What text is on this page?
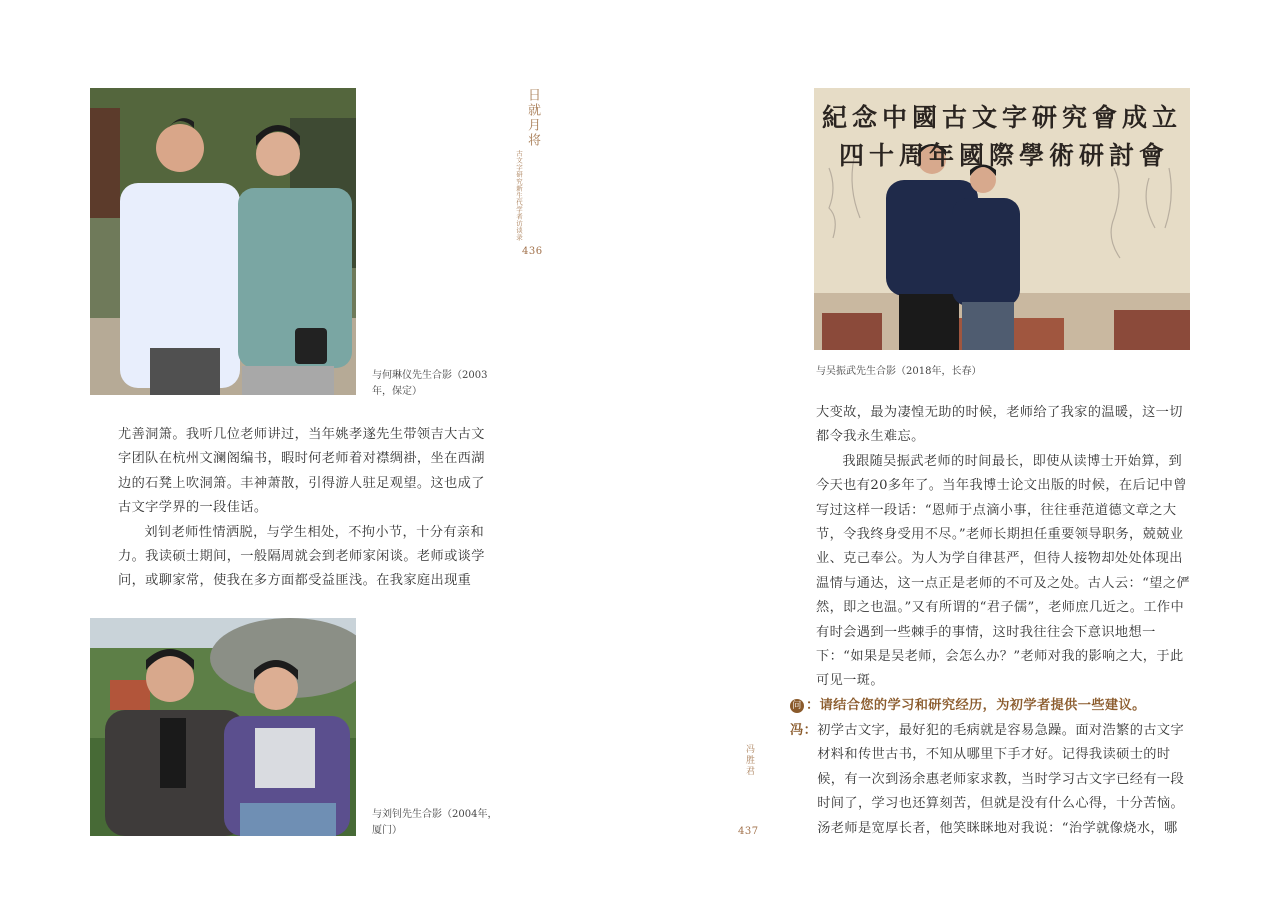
与何琳仪先生合影（2003年，保定）

尤善洞箫。我听几位老师讲过，当年姚孝遂先生带领吉大古文字团队在杭州文澜阁编书，暇时何老师着对襟绸褂，坐在西湖边的石凳上吹洞箫。丰神萧散，引得游人驻足观望。这也成了古文字学界的一段佳话。

刘钊老师性情洒脱，与学生相处，不拘小节，十分有亲和力。我读硕士期间，一般隔周就会到老师家闲谈。老师或谈学问，或聊家常，使我在多方面都受益匪浅。在我家庭出现重

与刘钊先生合影（2004年，厦门）
日就月将
古文字研究新生代学者访谈录
436
紀念中國古文字研究會成立
四十周年國際學術研討會
与吴振武先生合影（2018年，长春）

大变故，最为凄惶无助的时候，老师给了我家的温暖，这一切都令我永生难忘。

我跟随吴振武老师的时间最长，即使从读博士开始算，到今天也有20多年了。当年我博士论文出版的时候，在后记中曾写过这样一段话：“恩师于点滴小事，往往垂范道德文章之大节，令我终身受用不尽。”老师长期担任重要领导职务，兢兢业业、克己奉公。为人为学自律甚严，但待人接物却处处体现出温情与通达，这一点正是老师的不可及之处。古人云：“望之俨然，即之也温。”又有所谓的“君子儒”，老师庶几近之。工作中有时会遇到一些棘手的事情，这时我往往会下意识地想一下：“如果是吴老师，会怎么办？”老师对我的影响之大，于此可见一斑。

问 ：请结合您的学习和研究经历，为初学者提供一些建议。
冯： 初学古文字，最好犯的毛病就是容易急躁。面对浩繁的古文字材料和传世古书，不知从哪里下手才好。记得我读硕士的时候，有一次到汤余惠老师家求教，当时学习古文字已经有一段时间了，学习也还算刻苦，但就是没有什么心得，十分苦恼。汤老师是宽厚长者，他笑眯眯地对我说：“治学就像烧水，哪
冯胜君
437
